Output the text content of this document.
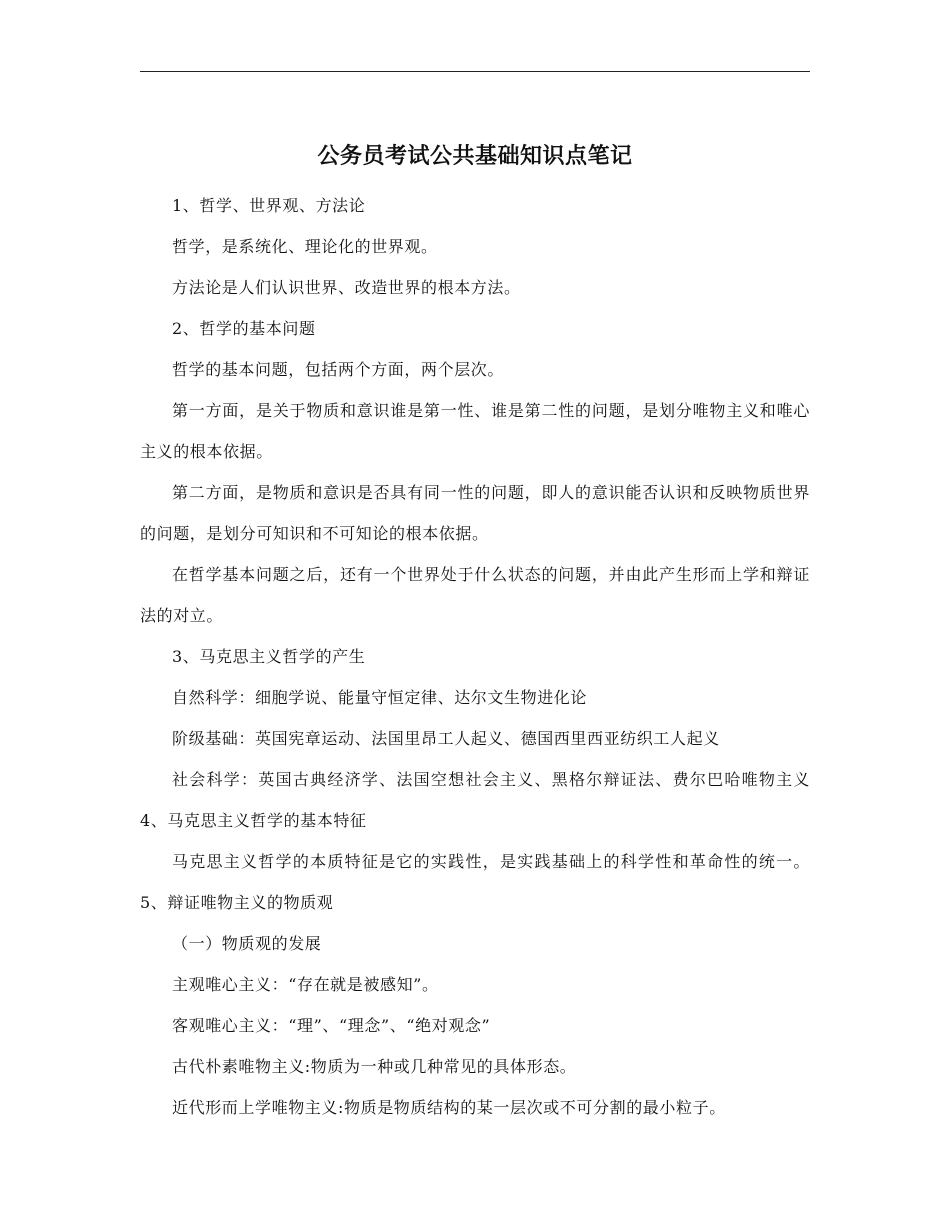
公务员考试公共基础知识点笔记

1、哲学、世界观、方法论

哲学，是系统化、理论化的世界观。

方法论是人们认识世界、改造世界的根本方法。

2、哲学的基本问题

哲学的基本问题，包括两个方面，两个层次。

第一方面，是关于物质和意识谁是第一性、谁是第二性的问题，是划分唯物主义和唯心主义的根本依据。

第二方面，是物质和意识是否具有同一性的问题，即人的意识能否认识和反映物质世界的问题，是划分可知识和不可知论的根本依据。

在哲学基本问题之后，还有一个世界处于什么状态的问题，并由此产生形而上学和辩证法的对立。

3、马克思主义哲学的产生

自然科学：细胞学说、能量守恒定律、达尔文生物进化论

阶级基础：英国宪章运动、法国里昂工人起义、德国西里西亚纺织工人起义

社会科学：英国古典经济学、法国空想社会主义、黑格尔辩证法、费尔巴哈唯物主义 4、马克思主义哲学的基本特征

马克思主义哲学的本质特征是它的实践性，是实践基础上的科学性和革命性的统一。 5、辩证唯物主义的物质观

（一）物质观的发展

主观唯心主义：“存在就是被感知”。

客观唯心主义：“理”、“理念”、“绝对观念”

古代朴素唯物主义:物质为一种或几种常见的具体形态。

近代形而上学唯物主义:物质是物质结构的某一层次或不可分割的最小粒子。
